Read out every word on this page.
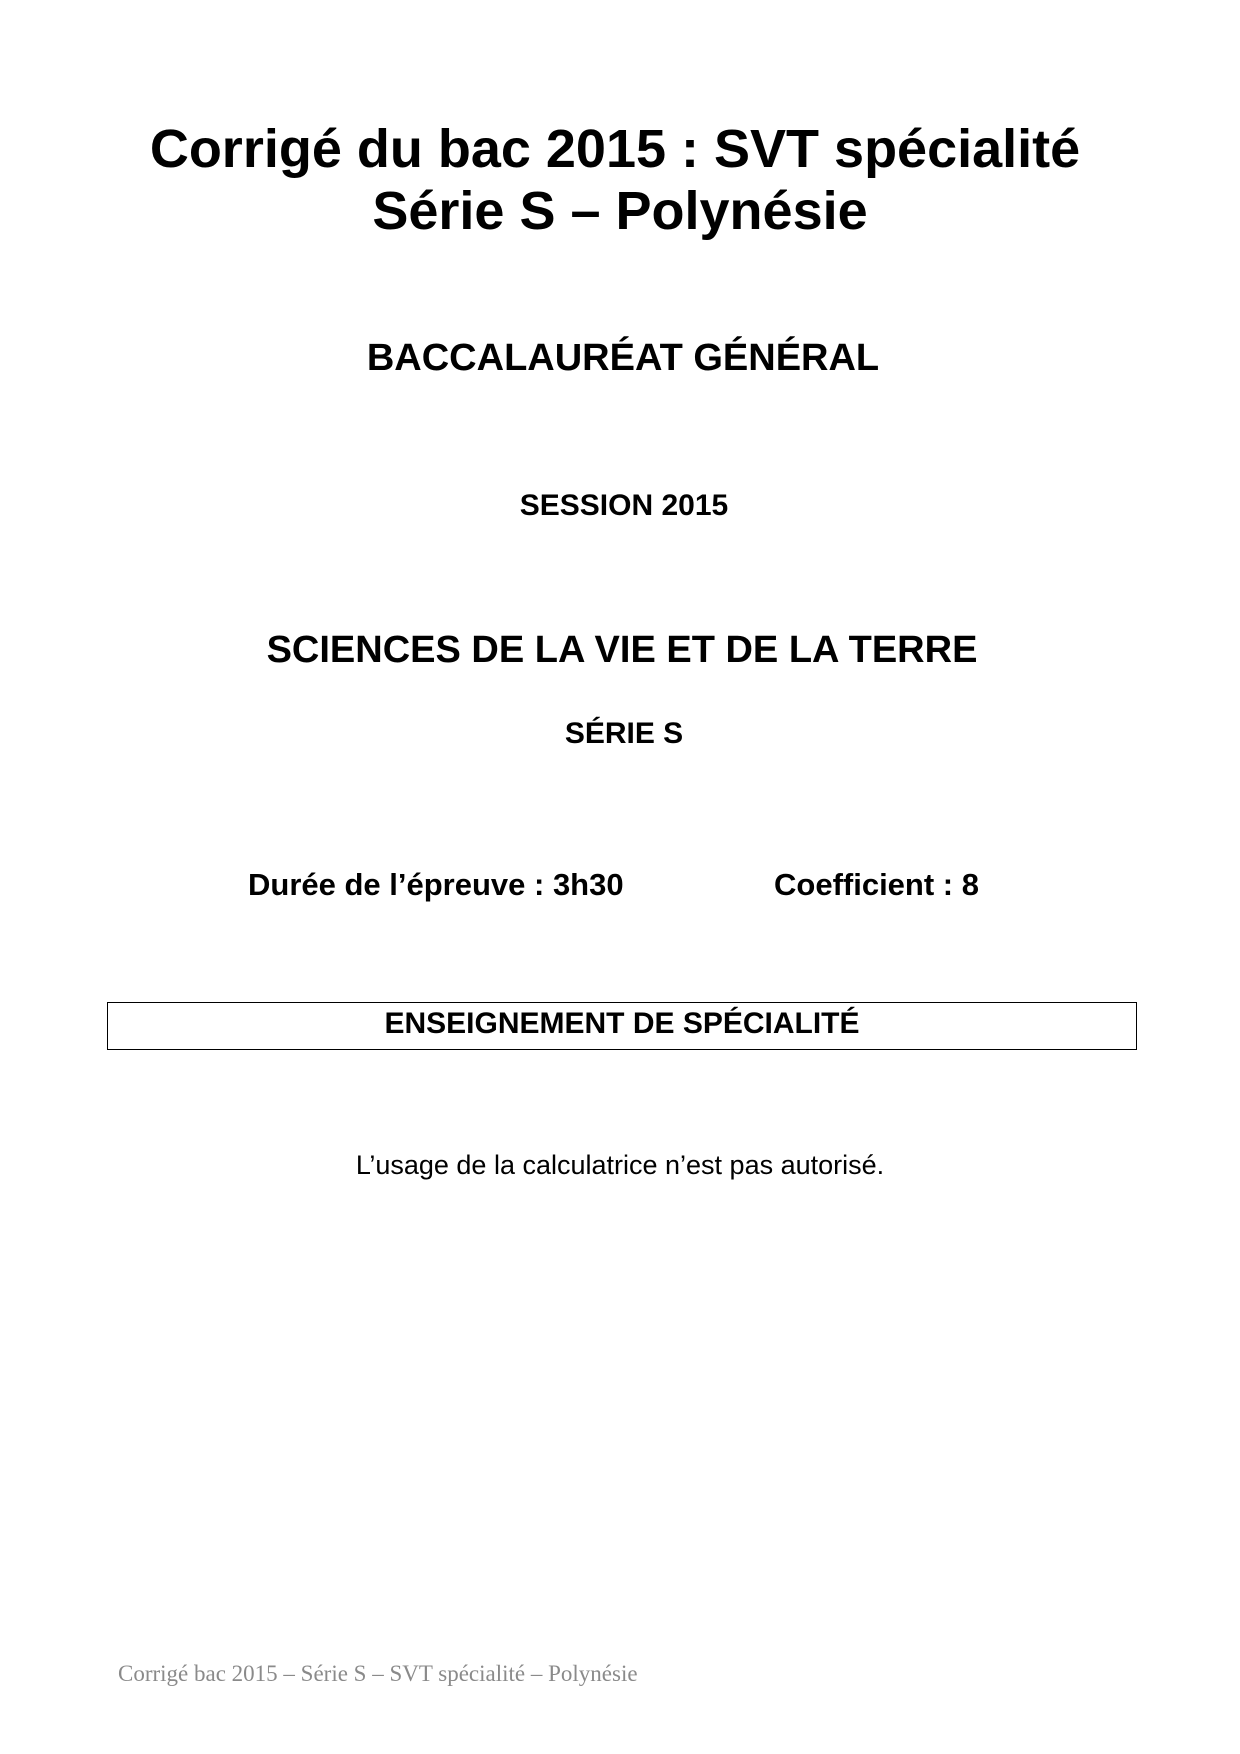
Corrigé du bac 2015 : SVT spécialité
Série S – Polynésie
BACCALAURÉAT GÉNÉRAL
SESSION 2015
SCIENCES DE LA VIE ET DE LA TERRE
SÉRIE S
Durée de l’épreuve : 3h30	Coefficient : 8
ENSEIGNEMENT DE SPÉCIALITÉ
L’usage de la calculatrice n’est pas autorisé.
Corrigé bac 2015 – Série S – SVT spécialité – Polynésie
